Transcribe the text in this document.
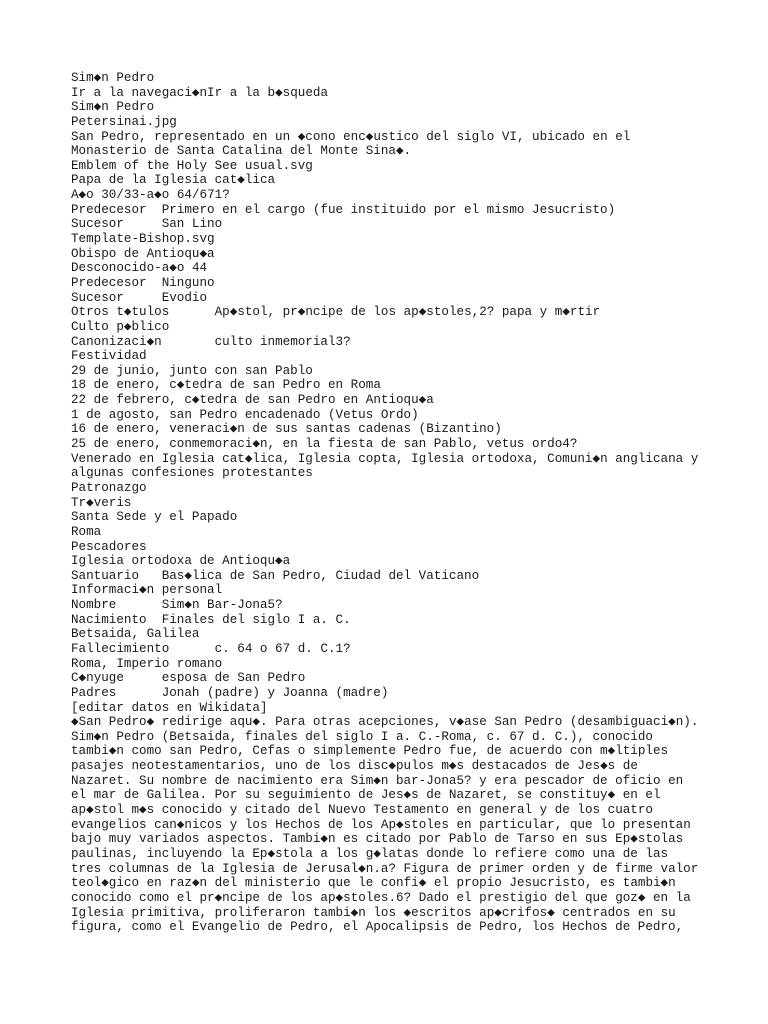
Sim◆n Pedro
Ir a la navegaci◆nIr a la b◆squeda
Sim◆n Pedro
Petersinai.jpg
San Pedro, representado en un ◆cono enc◆ustico del siglo VI, ubicado en el
Monasterio de Santa Catalina del Monte Sina◆.
Emblem of the Holy See usual.svg
Papa de la Iglesia cat◆lica
A◆o 30/33-a◆o 64/671?
Predecesor  Primero en el cargo (fue instituido por el mismo Jesucristo)
Sucesor     San Lino
Template-Bishop.svg
Obispo de Antioqu◆a
Desconocido-a◆o 44
Predecesor  Ninguno
Sucesor     Evodio
Otros t◆tulos      Ap◆stol, pr◆ncipe de los ap◆stoles,2? papa y m◆rtir
Culto p◆blico
Canonizaci◆n       culto inmemorial3?
Festividad
29 de junio, junto con san Pablo
18 de enero, c◆tedra de san Pedro en Roma
22 de febrero, c◆tedra de san Pedro en Antioqu◆a
1 de agosto, san Pedro encadenado (Vetus Ordo)
16 de enero, veneraci◆n de sus santas cadenas (Bizantino)
25 de enero, conmemoraci◆n, en la fiesta de san Pablo, vetus ordo4?
Venerado en Iglesia cat◆lica, Iglesia copta, Iglesia ortodoxa, Comuni◆n anglicana y
algunas confesiones protestantes
Patronazgo
Tr◆veris
Santa Sede y el Papado
Roma
Pescadores
Iglesia ortodoxa de Antioqu◆a
Santuario   Bas◆lica de San Pedro, Ciudad del Vaticano
Informaci◆n personal
Nombre      Sim◆n Bar-Jona5?
Nacimiento  Finales del siglo I a. C.
Betsaida, Galilea
Fallecimiento      c. 64 o 67 d. C.1?
Roma, Imperio romano
C◆nyuge     esposa de San Pedro
Padres      Jonah (padre) y Joanna (madre)
[editar datos en Wikidata]
◆San Pedro◆ redirige aqu◆. Para otras acepciones, v◆ase San Pedro (desambiguaci◆n).
Sim◆n Pedro (Betsaida, finales del siglo I a. C.-Roma, c. 67 d. C.), conocido
tambi◆n como san Pedro, Cefas o simplemente Pedro fue, de acuerdo con m◆ltiples
pasajes neotestamentarios, uno de los disc◆pulos m◆s destacados de Jes◆s de
Nazaret. Su nombre de nacimiento era Sim◆n bar-Jona5? y era pescador de oficio en
el mar de Galilea. Por su seguimiento de Jes◆s de Nazaret, se constituy◆ en el
ap◆stol m◆s conocido y citado del Nuevo Testamento en general y de los cuatro
evangelios can◆nicos y los Hechos de los Ap◆stoles en particular, que lo presentan
bajo muy variados aspectos. Tambi◆n es citado por Pablo de Tarso en sus Ep◆stolas
paulinas, incluyendo la Ep◆stola a los g◆latas donde lo refiere como una de las
tres columnas de la Iglesia de Jerusal◆n.a? Figura de primer orden y de firme valor
teol◆gico en raz◆n del ministerio que le confi◆ el propio Jesucristo, es tambi◆n
conocido como el pr◆ncipe de los ap◆stoles.6? Dado el prestigio del que goz◆ en la
Iglesia primitiva, proliferaron tambi◆n los ◆escritos ap◆crifos◆ centrados en su
figura, como el Evangelio de Pedro, el Apocalipsis de Pedro, los Hechos de Pedro,
